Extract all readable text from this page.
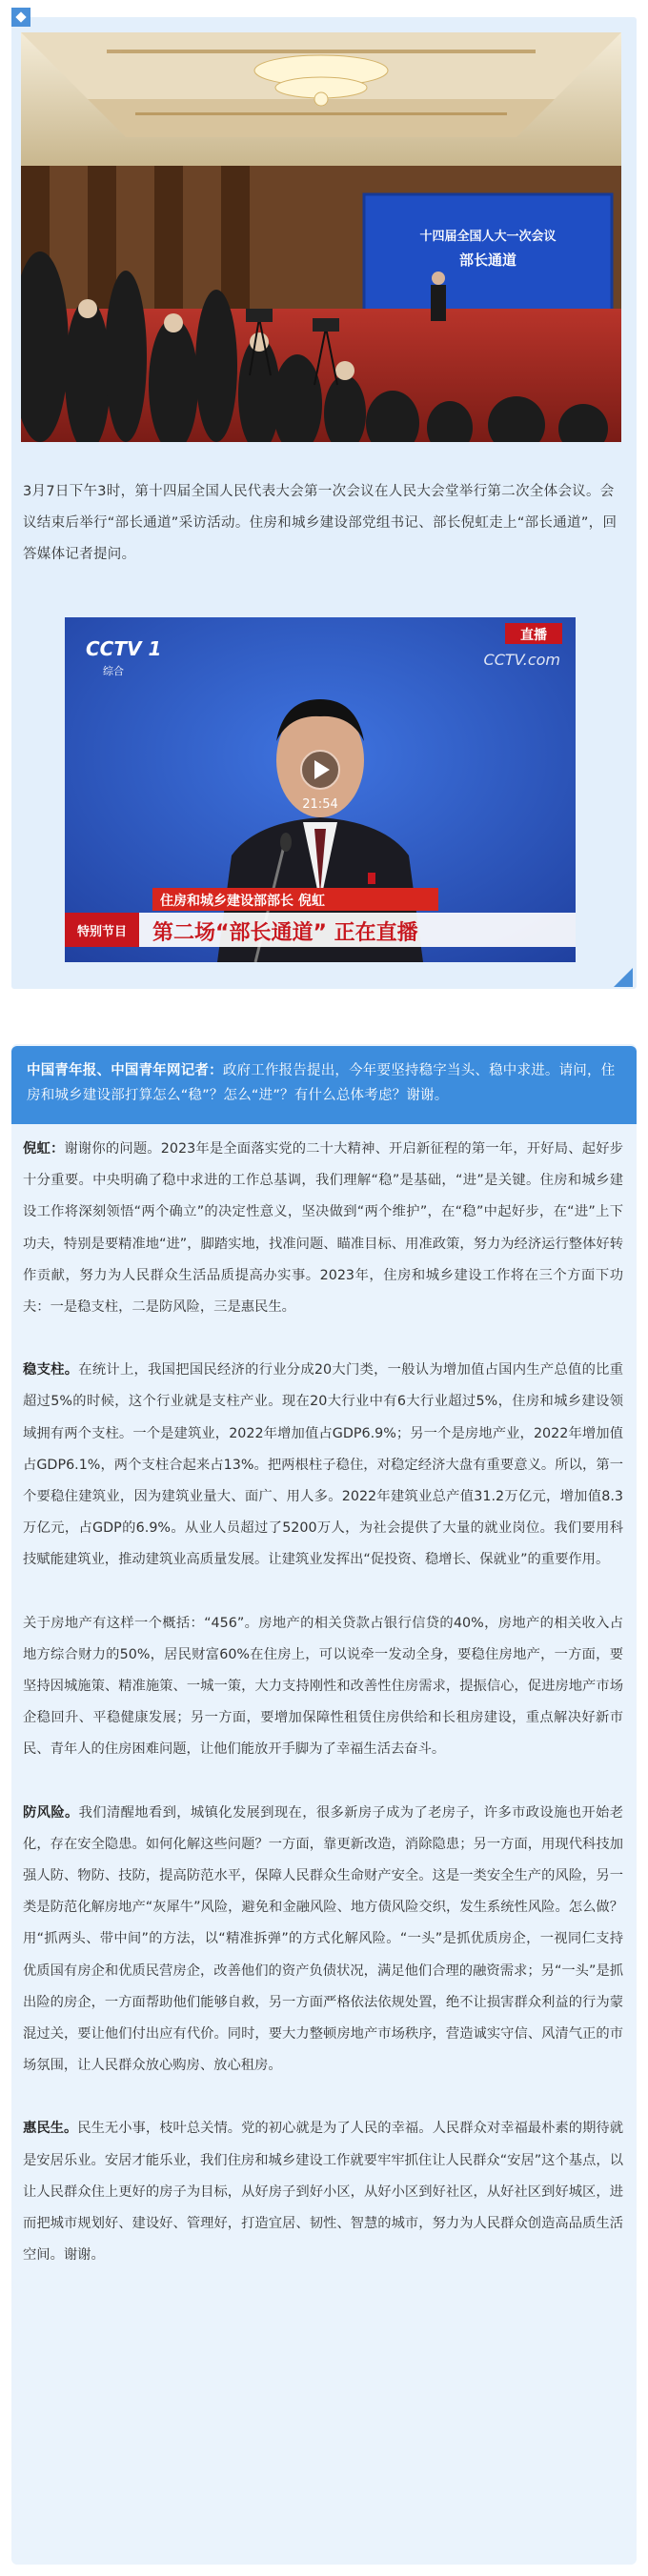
十四届全国人大一次会议
部长通道
3月7日下午3时，第十四届全国人民代表大会第一次会议在人民大会堂举行第二次全体会议。会议结束后举行“部长通道”采访活动。住房和城乡建设部党组书记、部长倪虹走上“部长通道”，回答媒体记者提问。
CCTV 1
综合
直播
CCTV.com
21:54
住房和城乡建设部部长 倪虹
特别节目 第二场“部长通道” 正在直播
中国青年报、中国青年网记者：政府工作报告提出，今年要坚持稳字当头、稳中求进。请问，住房和城乡建设部打算怎么“稳”？怎么“进”？有什么总体考虑？谢谢。

倪虹：谢谢你的问题。2023年是全面落实党的二十大精神、开启新征程的第一年，开好局、起好步十分重要。中央明确了稳中求进的工作总基调，我们理解“稳”是基础，“进”是关键。住房和城乡建设工作将深刻领悟“两个确立”的决定性意义，坚决做到“两个维护”，在“稳”中起好步，在“进”上下功夫，特别是要精准地“进”，脚踏实地，找准问题、瞄准目标、用准政策，努力为经济运行整体好转作贡献，努力为人民群众生活品质提高办实事。2023年，住房和城乡建设工作将在三个方面下功夫：一是稳支柱，二是防风险，三是惠民生。

稳支柱。在统计上，我国把国民经济的行业分成20大门类，一般认为增加值占国内生产总值的比重超过5%的时候，这个行业就是支柱产业。现在20大行业中有6大行业超过5%，住房和城乡建设领域拥有两个支柱。一个是建筑业，2022年增加值占GDP6.9%；另一个是房地产业，2022年增加值占GDP6.1%，两个支柱合起来占13%。把两根柱子稳住，对稳定经济大盘有重要意义。所以，第一个要稳住建筑业，因为建筑业量大、面广、用人多。2022年建筑业总产值31.2万亿元，增加值8.3万亿元，占GDP的6.9%。从业人员超过了5200万人，为社会提供了大量的就业岗位。我们要用科技赋能建筑业，推动建筑业高质量发展。让建筑业发挥出“促投资、稳增长、保就业”的重要作用。

关于房地产有这样一个概括：“456”。房地产的相关贷款占银行信贷的40%，房地产的相关收入占地方综合财力的50%，居民财富60%在住房上，可以说牵一发动全身，要稳住房地产，一方面，要坚持因城施策、精准施策、一城一策，大力支持刚性和改善性住房需求，提振信心，促进房地产市场企稳回升、平稳健康发展；另一方面，要增加保障性租赁住房供给和长租房建设，重点解决好新市民、青年人的住房困难问题，让他们能放开手脚为了幸福生活去奋斗。

防风险。我们清醒地看到，城镇化发展到现在，很多新房子成为了老房子，许多市政设施也开始老化，存在安全隐患。如何化解这些问题？一方面，靠更新改造，消除隐患；另一方面，用现代科技加强人防、物防、技防，提高防范水平，保障人民群众生命财产安全。这是一类安全生产的风险，另一类是防范化解房地产“灰犀牛”风险，避免和金融风险、地方债风险交织，发生系统性风险。怎么做？用“抓两头、带中间”的方法，以“精准拆弹”的方式化解风险。“一头”是抓优质房企，一视同仁支持优质国有房企和优质民营房企，改善他们的资产负债状况，满足他们合理的融资需求；另“一头”是抓出险的房企，一方面帮助他们能够自救，另一方面严格依法依规处置，绝不让损害群众利益的行为蒙混过关，要让他们付出应有代价。同时，要大力整顿房地产市场秩序，营造诚实守信、风清气正的市场氛围，让人民群众放心购房、放心租房。

惠民生。民生无小事，枝叶总关情。党的初心就是为了人民的幸福。人民群众对幸福最朴素的期待就是安居乐业。安居才能乐业，我们住房和城乡建设工作就要牢牢抓住让人民群众“安居”这个基点，以让人民群众住上更好的房子为目标，从好房子到好小区，从好小区到好社区，从好社区到好城区，进而把城市规划好、建设好、管理好，打造宜居、韧性、智慧的城市，努力为人民群众创造高品质生活空间。谢谢。
